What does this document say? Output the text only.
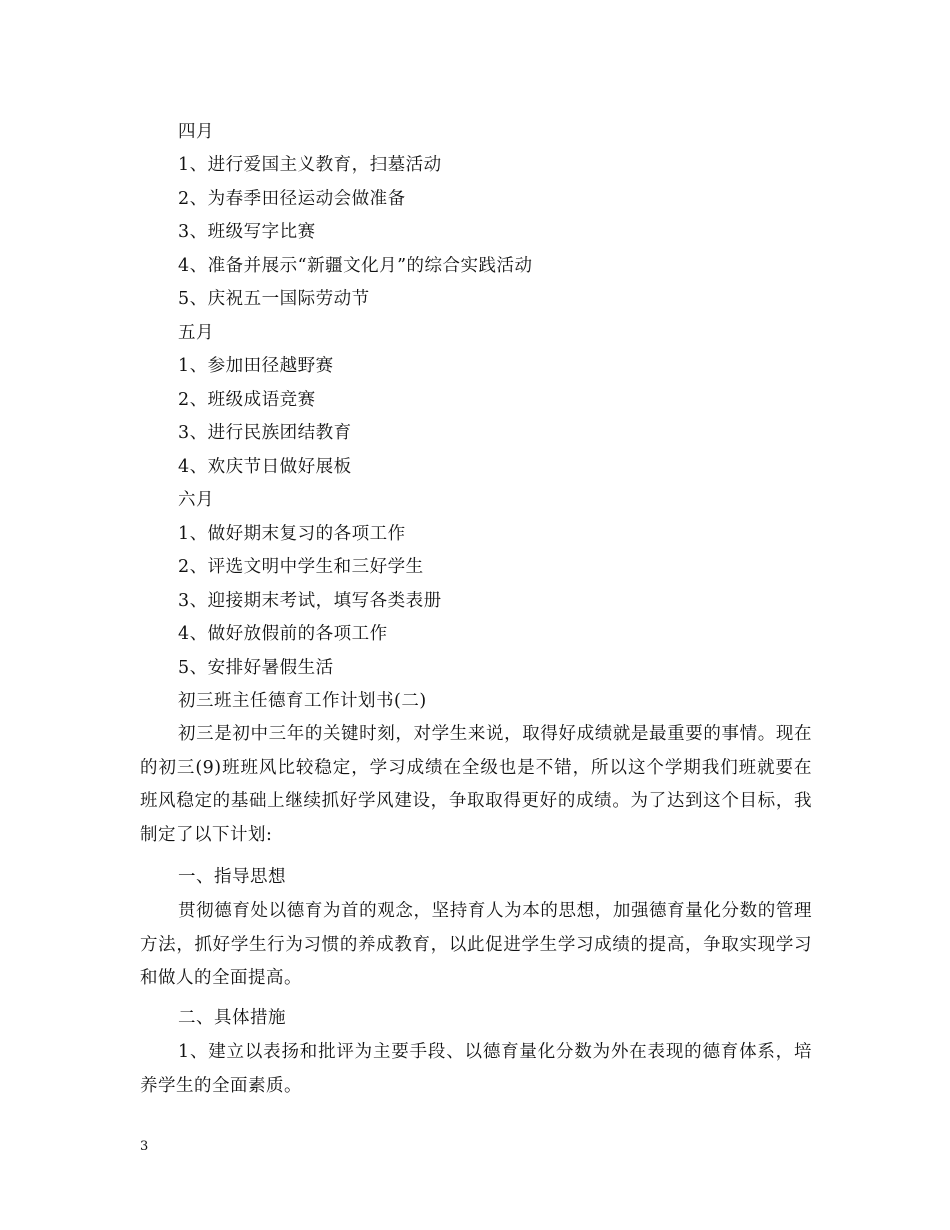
四月
1、进行爱国主义教育，扫墓活动
2、为春季田径运动会做准备
3、班级写字比赛
4、准备并展示“新疆文化月”的综合实践活动
5、庆祝五一国际劳动节
五月
1、参加田径越野赛
2、班级成语竞赛
3、进行民族团结教育
4、欢庆节日做好展板
六月
1、做好期末复习的各项工作
2、评选文明中学生和三好学生
3、迎接期末考试，填写各类表册
4、做好放假前的各项工作
5、安排好暑假生活
初三班主任德育工作计划书(二)
初三是初中三年的关键时刻，对学生来说，取得好成绩就是最重要的事情。现在的初三(9)班班风比较稳定，学习成绩在全级也是不错，所以这个学期我们班就要在班风稳定的基础上继续抓好学风建设，争取取得更好的成绩。为了达到这个目标，我制定了以下计划:
一、指导思想
贯彻德育处以德育为首的观念，坚持育人为本的思想，加强德育量化分数的管理方法，抓好学生行为习惯的养成教育，以此促进学生学习成绩的提高，争取实现学习和做人的全面提高。
二、具体措施
1、建立以表扬和批评为主要手段、以德育量化分数为外在表现的德育体系，培养学生的全面素质。
3
